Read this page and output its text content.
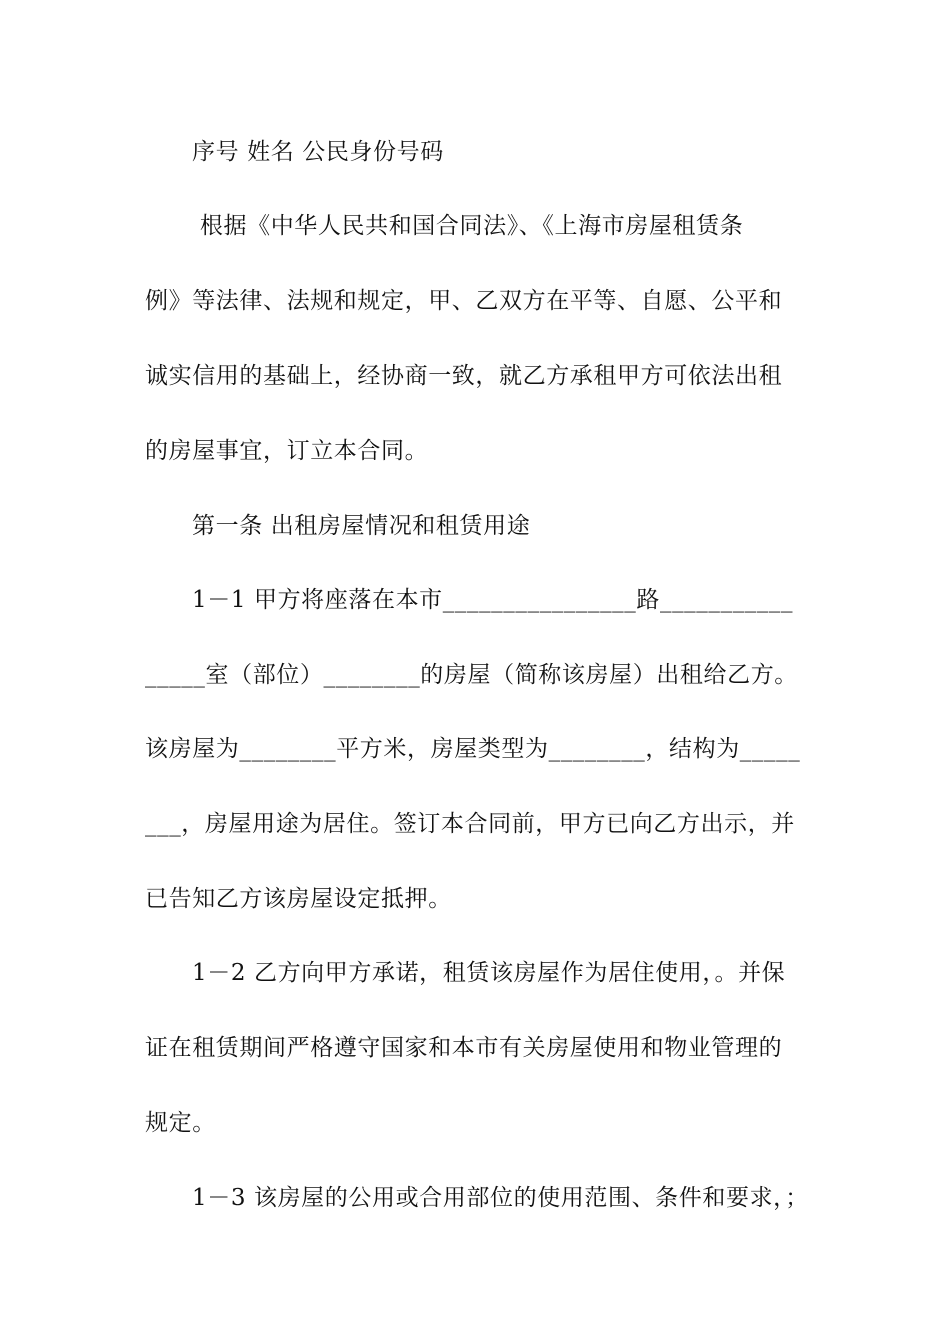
序号 姓名 公民身份号码
根据《中华人民共和国合同法》、《上海市房屋租赁条
例》等法律、法规和规定，甲、乙双方在平等、自愿、公平和
诚实信用的基础上，经协商一致，就乙方承租甲方可依法出租
的房屋事宜，订立本合同。
第一条 出租房屋情况和租赁用途
1－1 甲方将座落在本市________________路___________
_____室（部位）________的房屋（简称该房屋）出租给乙方。
该房屋为________平方米，房屋类型为________，结构为_____
___，房屋用途为居住。签订本合同前，甲方已向乙方出示，并
已告知乙方该房屋设定抵押。
1－2 乙方向甲方承诺，租赁该房屋作为居住使用，。并保
证在租赁期间严格遵守国家和本市有关房屋使用和物业管理的
规定。
1－3 该房屋的公用或合用部位的使用范围、条件和要求，；
